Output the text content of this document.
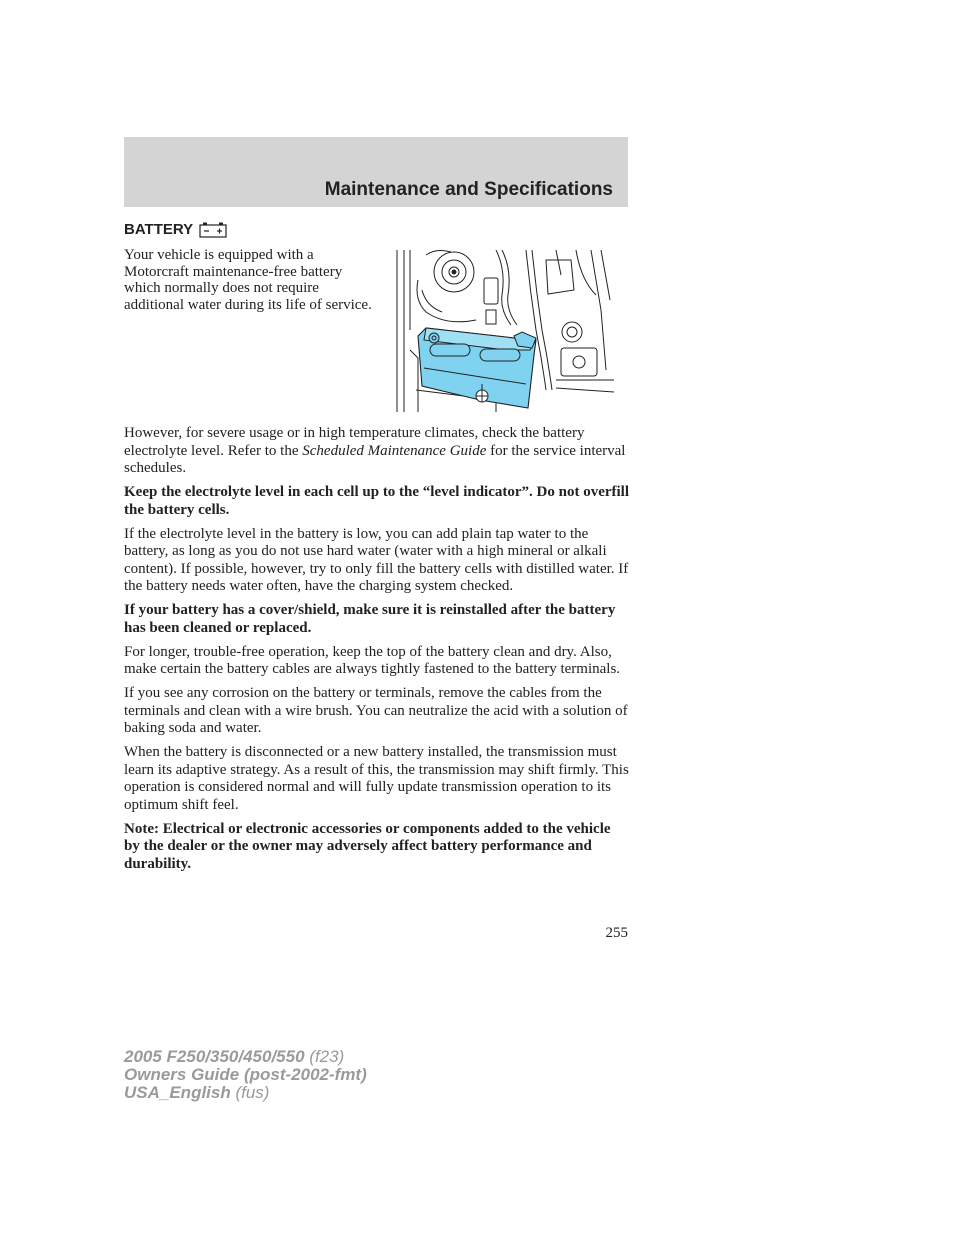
Maintenance and Specifications
BATTERY
Your vehicle is equipped with a Motorcraft maintenance-free battery which normally does not require additional water during its life of service.

However, for severe usage or in high temperature climates, check the battery electrolyte level. Refer to the Scheduled Maintenance Guide for the service interval schedules.

Keep the electrolyte level in each cell up to the “level indicator”. Do not overfill the battery cells.

If the electrolyte level in the battery is low, you can add plain tap water to the battery, as long as you do not use hard water (water with a high mineral or alkali content). If possible, however, try to only fill the battery cells with distilled water. If the battery needs water often, have the charging system checked.

If your battery has a cover/shield, make sure it is reinstalled after the battery has been cleaned or replaced.

For longer, trouble-free operation, keep the top of the battery clean and dry. Also, make certain the battery cables are always tightly fastened to the battery terminals.

If you see any corrosion on the battery or terminals, remove the cables from the terminals and clean with a wire brush. You can neutralize the acid with a solution of baking soda and water.

When the battery is disconnected or a new battery installed, the transmission must learn its adaptive strategy. As a result of this, the transmission may shift firmly. This operation is considered normal and will fully update transmission operation to its optimum shift feel.

Note: Electrical or electronic accessories or components added to the vehicle by the dealer or the owner may adversely affect battery performance and durability.

255
2005 F250/350/450/550 (f23)
Owners Guide (post-2002-fmt)
USA_English (fus)
